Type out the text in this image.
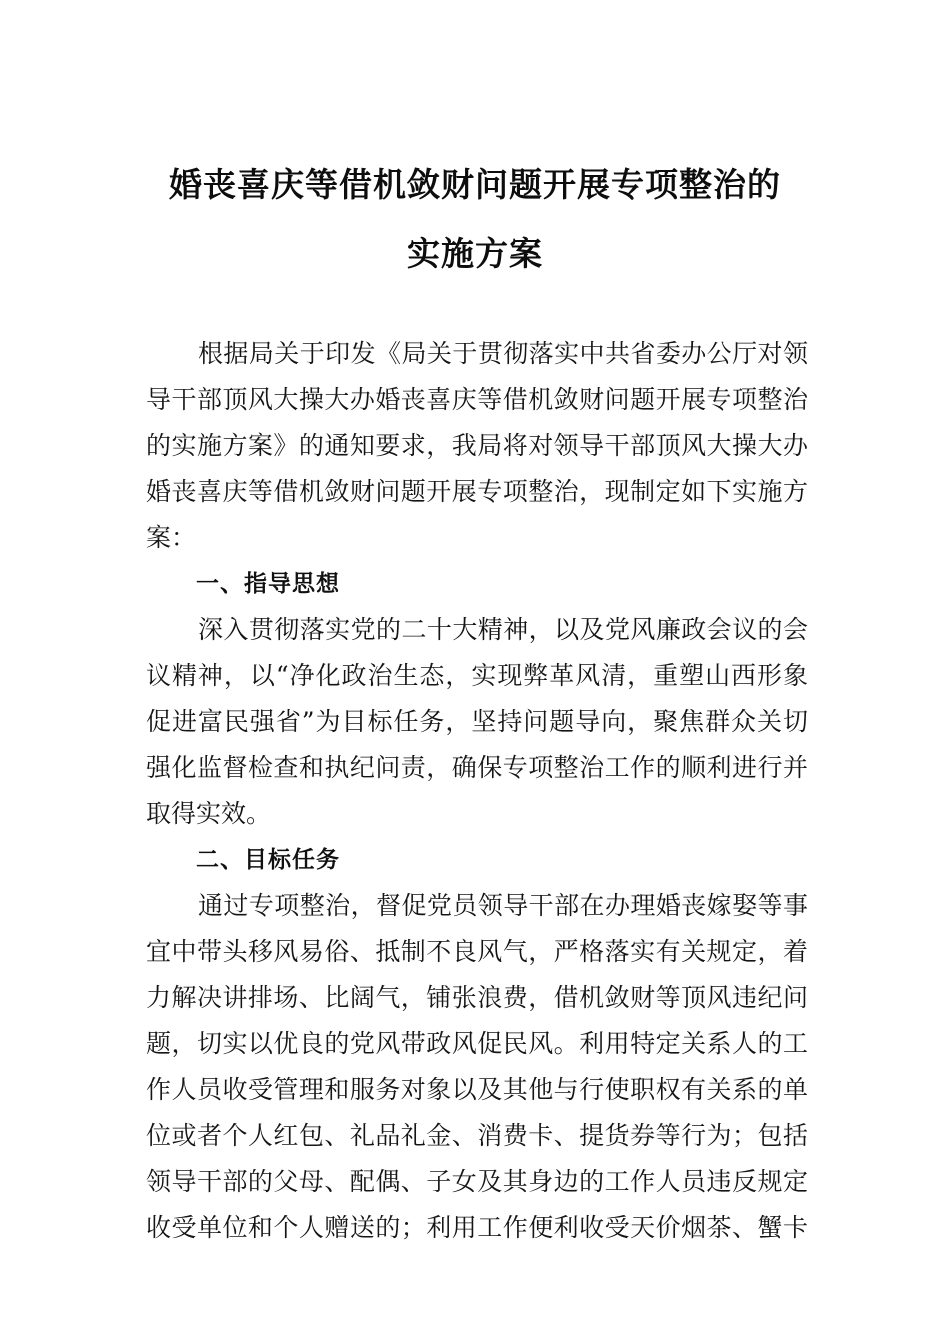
婚丧喜庆等借机敛财问题开展专项整治的
实施方案
根据局关于印发《局关于贯彻落实中共省委办公厅对领
导干部顶风大操大办婚丧喜庆等借机敛财问题开展专项整治
的实施方案》的通知要求，我局将对领导干部顶风大操大办
婚丧喜庆等借机敛财问题开展专项整治，现制定如下实施方
案：
一、指导思想
深入贯彻落实党的二十大精神，以及党风廉政会议的会
议精神，以“净化政治生态，实现弊革风清，重塑山西形象
促进富民强省”为目标任务，坚持问题导向，聚焦群众关切
强化监督检查和执纪问责，确保专项整治工作的顺利进行并
取得实效。
二、目标任务
通过专项整治，督促党员领导干部在办理婚丧嫁娶等事
宜中带头移风易俗、抵制不良风气，严格落实有关规定，着
力解决讲排场、比阔气，铺张浪费，借机敛财等顶风违纪问
题，切实以优良的党风带政风促民风。利用特定关系人的工
作人员收受管理和服务对象以及其他与行使职权有关系的单
位或者个人红包、礼品礼金、消费卡、提货券等行为；包括
领导干部的父母、配偶、子女及其身边的工作人员违反规定
收受单位和个人赠送的；利用工作便利收受天价烟茶、蟹卡
